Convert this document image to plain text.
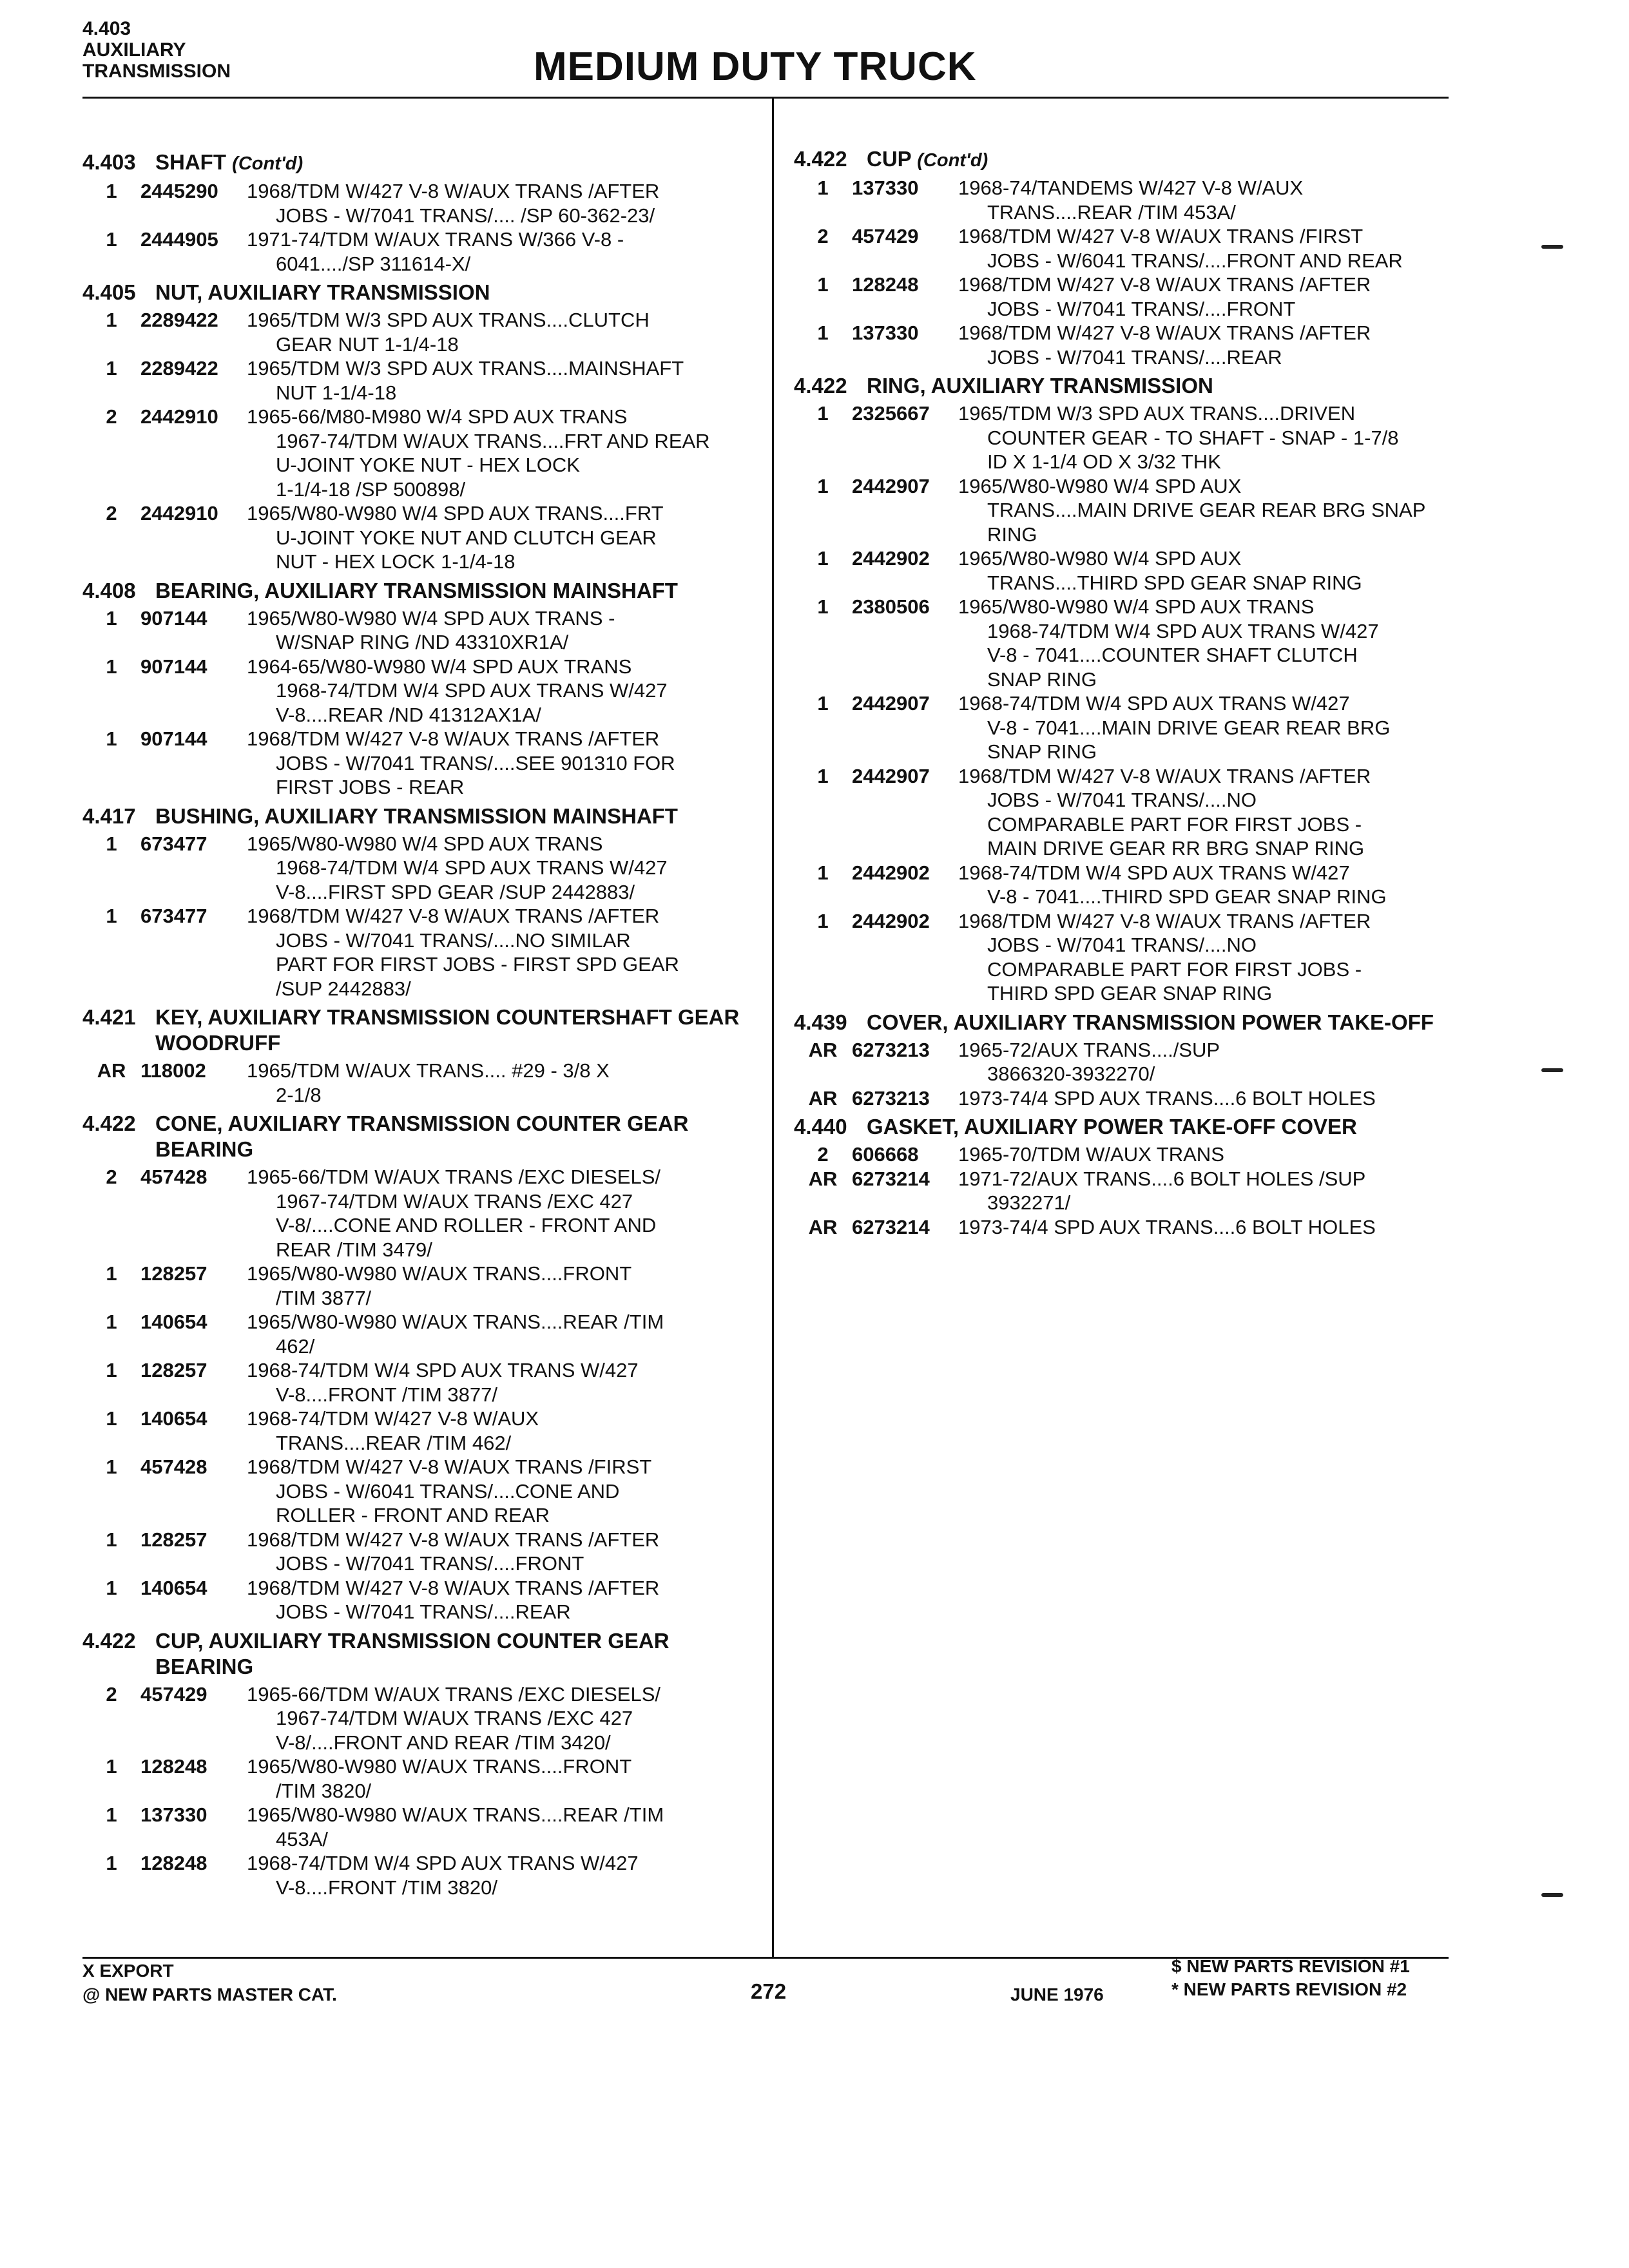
4.403
AUXILIARY
TRANSMISSION	MEDIUM DUTY TRUCK
4.403 SHAFT (Cont'd)
1	2445290	1968/TDM W/427 V-8 W/AUX TRANS /AFTER
JOBS - W/7041 TRANS/.... /SP 60-362-23/
1	2444905	1971-74/TDM W/AUX TRANS W/366 V-8 -
6041..../SP 311614-X/
4.405 NUT, AUXILIARY TRANSMISSION
1	2289422	1965/TDM W/3 SPD AUX TRANS....CLUTCH
GEAR NUT 1-1/4-18
1	2289422	1965/TDM W/3 SPD AUX TRANS....MAINSHAFT
NUT 1-1/4-18
2	2442910	1965-66/M80-M980 W/4 SPD AUX TRANS
1967-74/TDM W/AUX TRANS....FRT AND REAR
U-JOINT YOKE NUT - HEX LOCK
1-1/4-18 /SP 500898/
2	2442910	1965/W80-W980 W/4 SPD AUX TRANS....FRT
U-JOINT YOKE NUT AND CLUTCH GEAR
NUT - HEX LOCK 1-1/4-18
4.408 BEARING, AUXILIARY TRANSMISSION MAINSHAFT
1	907144	1965/W80-W980 W/4 SPD AUX TRANS -
W/SNAP RING /ND 43310XR1A/
1	907144	1964-65/W80-W980 W/4 SPD AUX TRANS
1968-74/TDM W/4 SPD AUX TRANS W/427
V-8....REAR /ND 41312AX1A/
1	907144	1968/TDM W/427 V-8 W/AUX TRANS /AFTER
JOBS - W/7041 TRANS/....SEE 901310 FOR
FIRST JOBS - REAR
4.417 BUSHING, AUXILIARY TRANSMISSION MAINSHAFT
1	673477	1965/W80-W980 W/4 SPD AUX TRANS
1968-74/TDM W/4 SPD AUX TRANS W/427
V-8....FIRST SPD GEAR /SUP 2442883/
1	673477	1968/TDM W/427 V-8 W/AUX TRANS /AFTER
JOBS - W/7041 TRANS/....NO SIMILAR
PART FOR FIRST JOBS - FIRST SPD GEAR
/SUP 2442883/
4.421 KEY, AUXILIARY TRANSMISSION COUNTERSHAFT GEAR WOODRUFF
AR 118002	1965/TDM W/AUX TRANS.... #29 - 3/8 X
2-1/8
4.422 CONE, AUXILIARY TRANSMISSION COUNTER GEAR BEARING
2	457428	1965-66/TDM W/AUX TRANS /EXC DIESELS/
1967-74/TDM W/AUX TRANS /EXC 427
V-8/....CONE AND ROLLER - FRONT AND
REAR /TIM 3479/
1	128257	1965/W80-W980 W/AUX TRANS....FRONT
/TIM 3877/
1	140654	1965/W80-W980 W/AUX TRANS....REAR /TIM
462/
1	128257	1968-74/TDM W/4 SPD AUX TRANS W/427
V-8....FRONT /TIM 3877/
1	140654	1968-74/TDM W/427 V-8 W/AUX
TRANS....REAR /TIM 462/
1	457428	1968/TDM W/427 V-8 W/AUX TRANS /FIRST
JOBS - W/6041 TRANS/....CONE AND
ROLLER - FRONT AND REAR
1	128257	1968/TDM W/427 V-8 W/AUX TRANS /AFTER
JOBS - W/7041 TRANS/....FRONT
1	140654	1968/TDM W/427 V-8 W/AUX TRANS /AFTER
JOBS - W/7041 TRANS/....REAR
4.422 CUP, AUXILIARY TRANSMISSION COUNTER GEAR BEARING
2	457429	1965-66/TDM W/AUX TRANS /EXC DIESELS/
1967-74/TDM W/AUX TRANS /EXC 427
V-8/....FRONT AND REAR /TIM 3420/
1	128248	1965/W80-W980 W/AUX TRANS....FRONT
/TIM 3820/
1	137330	1965/W80-W980 W/AUX TRANS....REAR /TIM
453A/
1	128248	1968-74/TDM W/4 SPD AUX TRANS W/427
V-8....FRONT /TIM 3820/
4.422 CUP (Cont'd)
1	137330	1968-74/TANDEMS W/427 V-8 W/AUX
TRANS....REAR /TIM 453A/
2	457429	1968/TDM W/427 V-8 W/AUX TRANS /FIRST
JOBS - W/6041 TRANS/....FRONT AND REAR
1	128248	1968/TDM W/427 V-8 W/AUX TRANS /AFTER
JOBS - W/7041 TRANS/....FRONT
1	137330	1968/TDM W/427 V-8 W/AUX TRANS /AFTER
JOBS - W/7041 TRANS/....REAR
4.422 RING, AUXILIARY TRANSMISSION
1	2325667	1965/TDM W/3 SPD AUX TRANS....DRIVEN
COUNTER GEAR - TO SHAFT - SNAP - 1-7/8
ID X 1-1/4 OD X 3/32 THK
1	2442907	1965/W80-W980 W/4 SPD AUX
TRANS....MAIN DRIVE GEAR REAR BRG SNAP
RING
1	2442902	1965/W80-W980 W/4 SPD AUX
TRANS....THIRD SPD GEAR SNAP RING
1	2380506	1965/W80-W980 W/4 SPD AUX TRANS
1968-74/TDM W/4 SPD AUX TRANS W/427
V-8 - 7041....COUNTER SHAFT CLUTCH
SNAP RING
1	2442907	1968-74/TDM W/4 SPD AUX TRANS W/427
V-8 - 7041....MAIN DRIVE GEAR REAR BRG
SNAP RING
1	2442907	1968/TDM W/427 V-8 W/AUX TRANS /AFTER
JOBS - W/7041 TRANS/....NO
COMPARABLE PART FOR FIRST JOBS -
MAIN DRIVE GEAR RR BRG SNAP RING
1	2442902	1968-74/TDM W/4 SPD AUX TRANS W/427
V-8 - 7041....THIRD SPD GEAR SNAP RING
1	2442902	1968/TDM W/427 V-8 W/AUX TRANS /AFTER
JOBS - W/7041 TRANS/....NO
COMPARABLE PART FOR FIRST JOBS -
THIRD SPD GEAR SNAP RING
4.439 COVER, AUXILIARY TRANSMISSION POWER TAKE-OFF
AR 6273213	1965-72/AUX TRANS..../SUP
3866320-3932270/
AR 6273213	1973-74/4 SPD AUX TRANS....6 BOLT HOLES
4.440 GASKET, AUXILIARY POWER TAKE-OFF COVER
2	606668	1965-70/TDM W/AUX TRANS
AR 6273214	1971-72/AUX TRANS....6 BOLT HOLES /SUP
3932271/
AR 6273214	1973-74/4 SPD AUX TRANS....6 BOLT HOLES
X EXPORT
@ NEW PARTS MASTER CAT.	272	JUNE 1976
$ NEW PARTS REVISION #1
* NEW PARTS REVISION #2
